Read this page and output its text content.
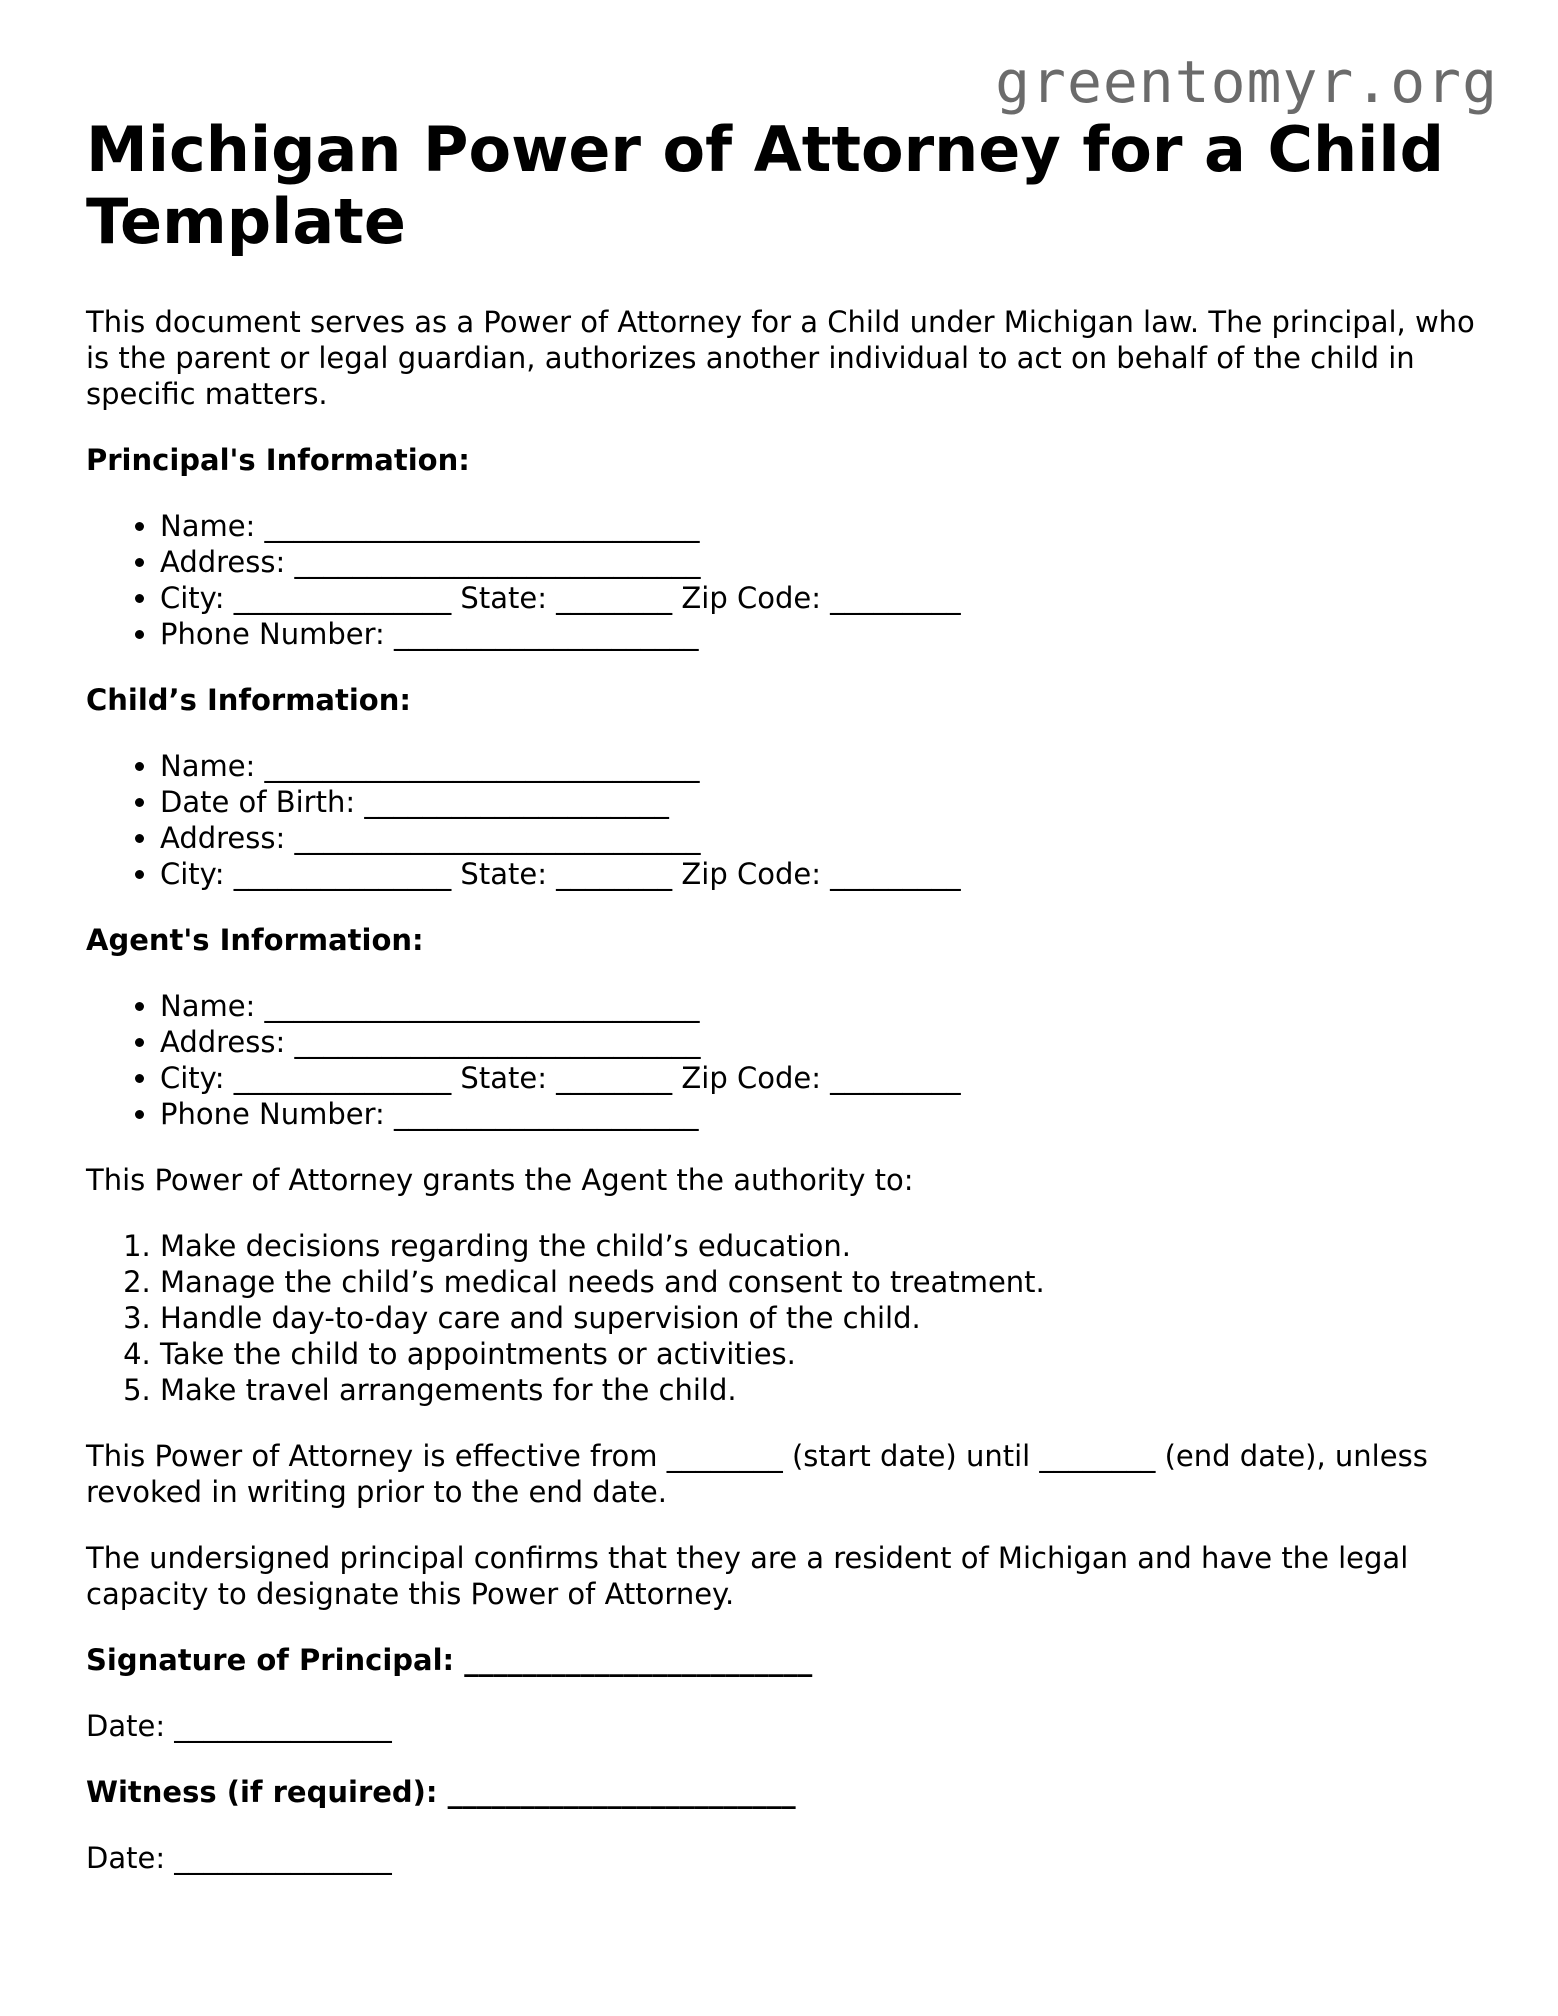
greentomyr.org
Michigan Power of Attorney for a Child Template

This document serves as a Power of Attorney for a Child under Michigan law. The principal, who is the parent or legal guardian, authorizes another individual to act on behalf of the child in specific matters.

Principal's Information:
• Name: ______________________________
• Address: ____________________________
• City: _______________ State: ________ Zip Code: _________
• Phone Number: _____________________
Child’s Information:
• Name: ______________________________
• Date of Birth: _____________________
• Address: ____________________________
• City: _______________ State: ________ Zip Code: _________
Agent's Information:
• Name: ______________________________
• Address: ____________________________
• City: _______________ State: ________ Zip Code: _________
• Phone Number: _____________________

This Power of Attorney grants the Agent the authority to:

1. Make decisions regarding the child’s education.
2. Manage the child’s medical needs and consent to treatment.
3. Handle day-to-day care and supervision of the child.
4. Take the child to appointments or activities.
5. Make travel arrangements for the child.

This Power of Attorney is effective from ________ (start date) until ________ (end date), unless revoked in writing prior to the end date.

The undersigned principal confirms that they are a resident of Michigan and have the legal capacity to designate this Power of Attorney.

Signature of Principal: ________________________

Date: _______________

Witness (if required): ________________________

Date: _______________
